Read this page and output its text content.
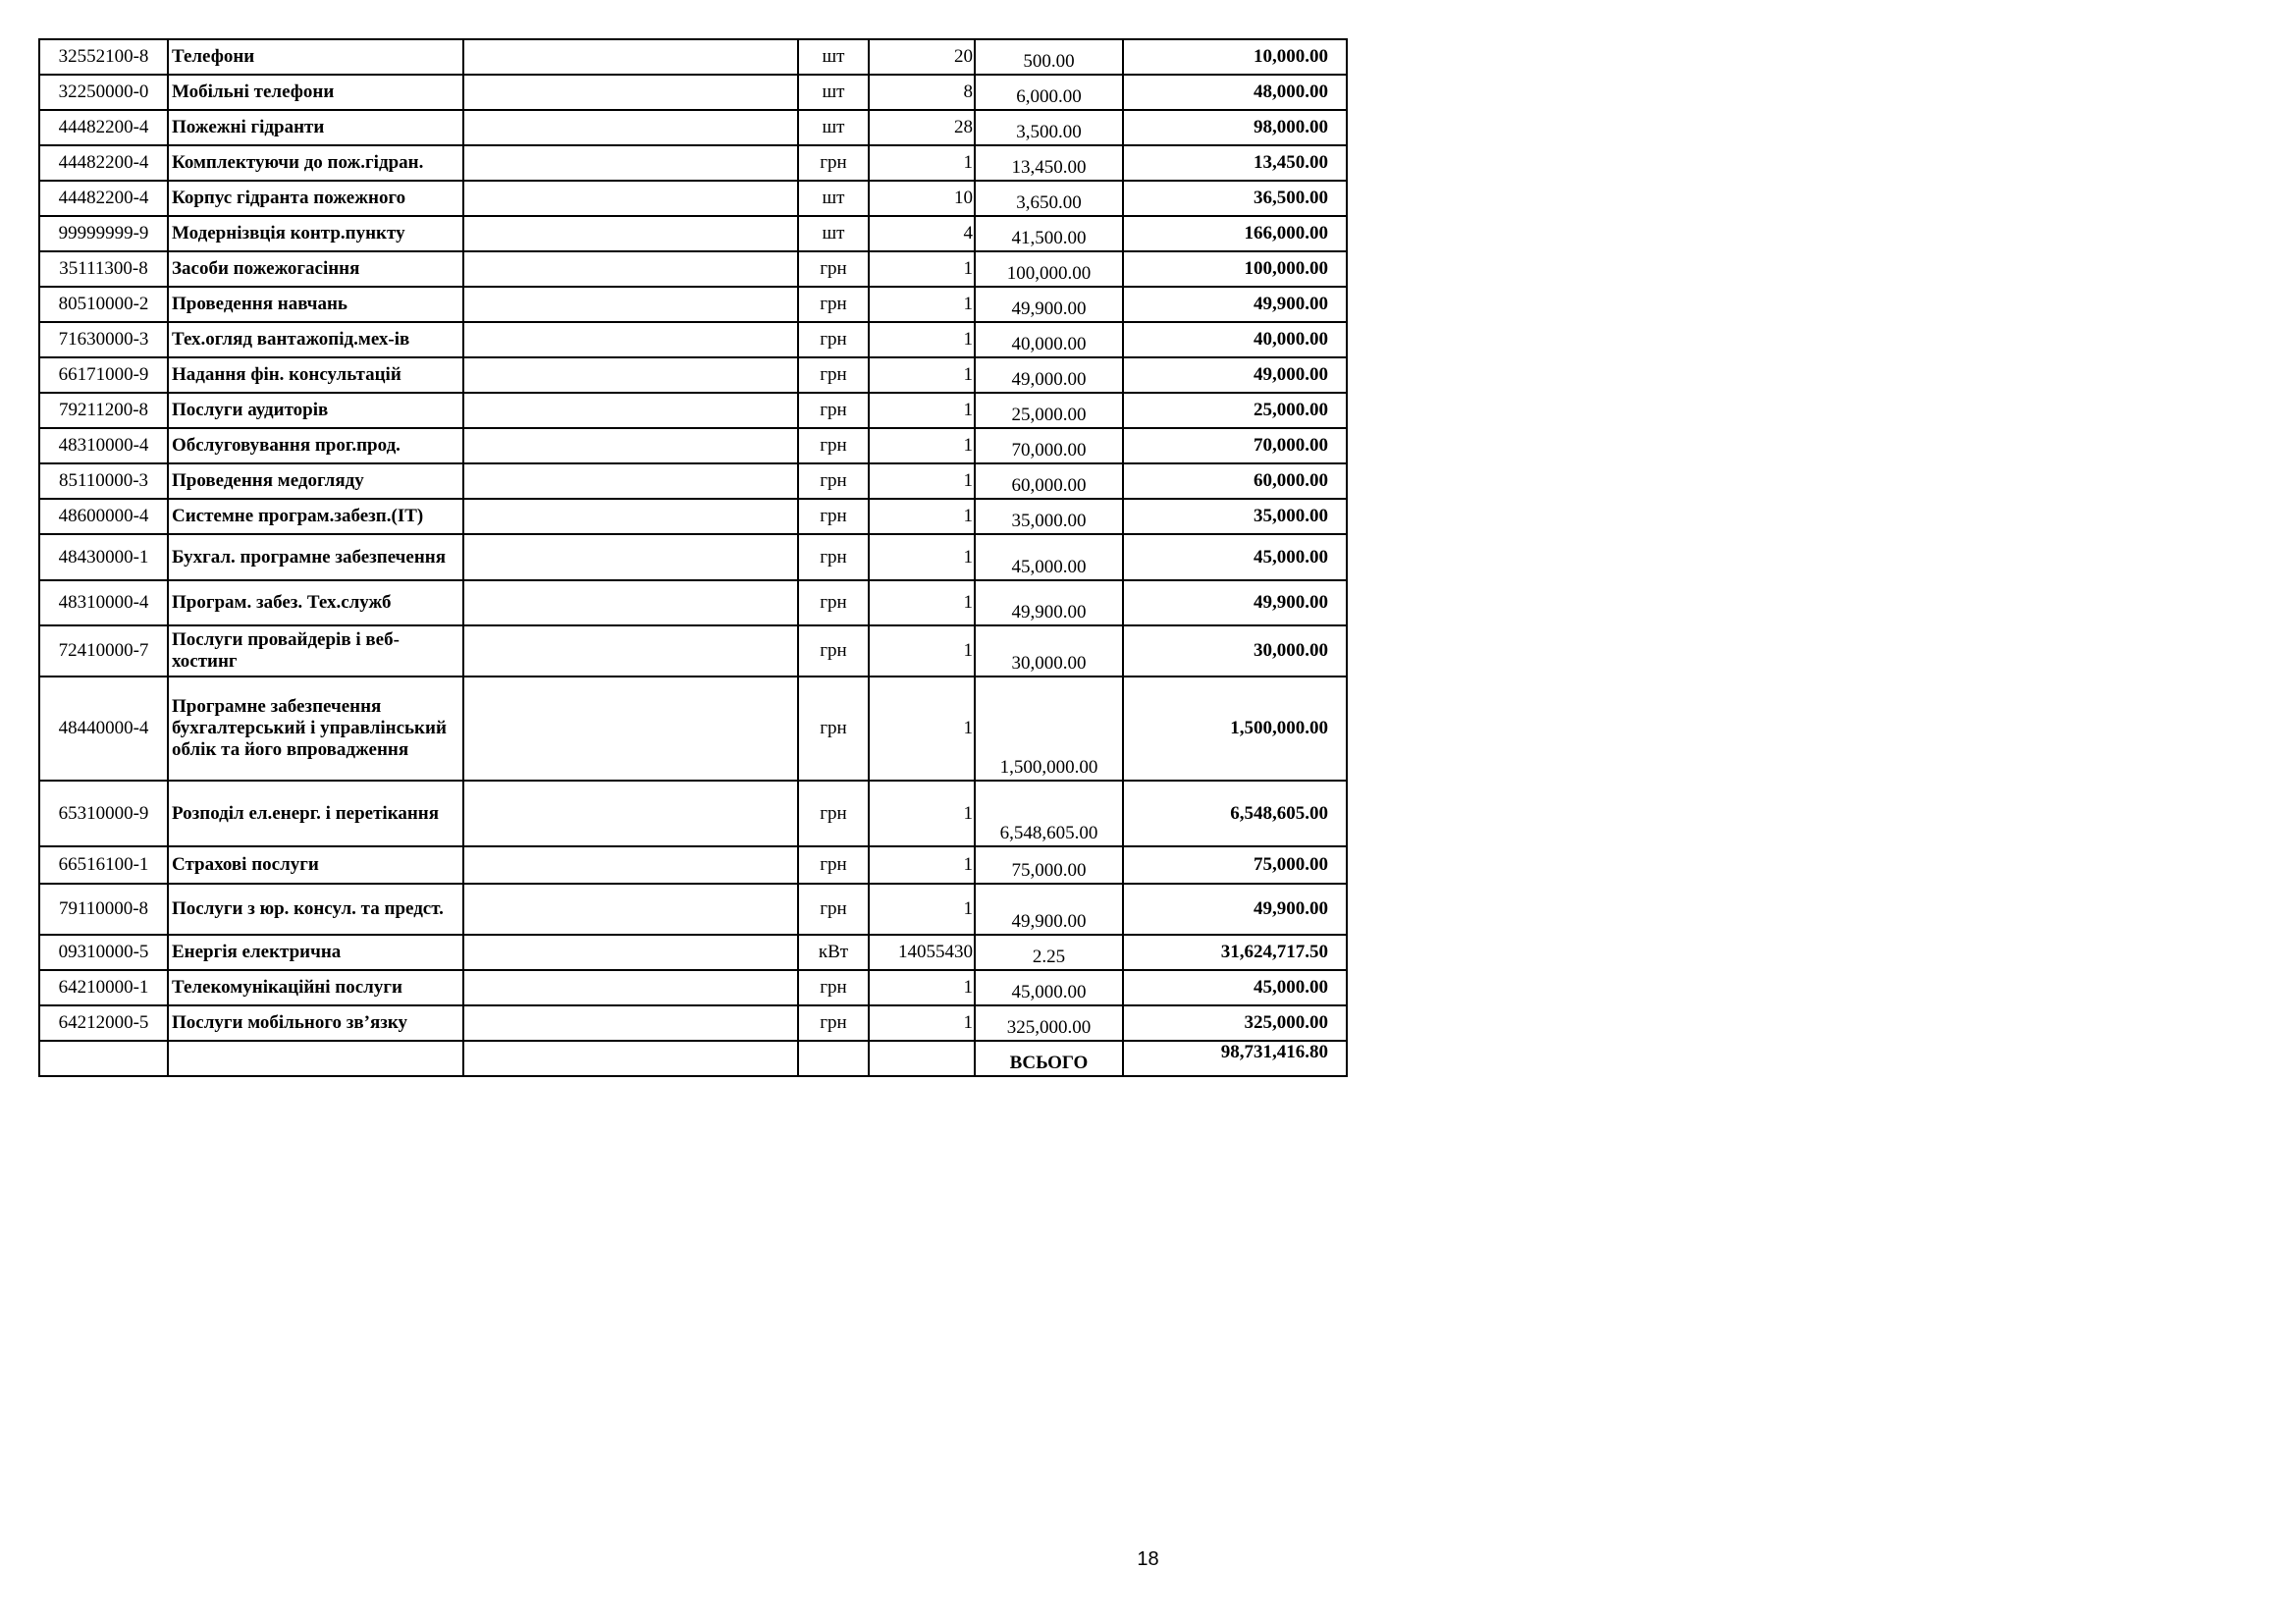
32552100-8	Телефони		шт	20	500.00	10,000.00
32250000-0	Мобільні телефони		шт	8	6,000.00	48,000.00
44482200-4	Пожежні гідранти		шт	28	3,500.00	98,000.00
44482200-4	Комплектуючи до пож.гідран.		грн	1	13,450.00	13,450.00
44482200-4	Корпус гідранта пожежного		шт	10	3,650.00	36,500.00
99999999-9	Модернізвція контр.пункту		шт	4	41,500.00	166,000.00
35111300-8	Засоби пожежогасіння		грн	1	100,000.00	100,000.00
80510000-2	Проведення навчань		грн	1	49,900.00	49,900.00
71630000-3	Тех.огляд вантажопід.мех-ів		грн	1	40,000.00	40,000.00
66171000-9	Надання фін. консультацій		грн	1	49,000.00	49,000.00
79211200-8	Послуги аудиторів		грн	1	25,000.00	25,000.00
48310000-4	Обслуговування прог.прод.		грн	1	70,000.00	70,000.00
85110000-3	Проведення медогляду		грн	1	60,000.00	60,000.00
48600000-4	Системне програм.забезп.(ІТ)		грн	1	35,000.00	35,000.00
48430000-1	Бухгал. програмне забезпечення		грн	1	45,000.00	45,000.00
48310000-4	Програм. забез. Тех.служб		грн	1	49,900.00	49,900.00
72410000-7	Послуги провайдерів і веб-хостинг		грн	1	30,000.00	30,000.00
48440000-4	Програмне забезпечення бухгалтерський і управлінський облік та його впровадження		грн	1	1,500,000.00	1,500,000.00
65310000-9	Розподіл ел.енерг. і перетікання		грн	1	6,548,605.00	6,548,605.00
66516100-1	Страхові послуги		грн	1	75,000.00	75,000.00
79110000-8	Послуги з юр. консул. та предст.		грн	1	49,900.00	49,900.00
09310000-5	Енергія електрична		кВт	14055430	2.25	31,624,717.50
64210000-1	Телекомунікаційні послуги		грн	1	45,000.00	45,000.00
64212000-5	Послуги мобільного зв’язку		грн	1	325,000.00	325,000.00
					ВСЬОГО	98,731,416.80
18
